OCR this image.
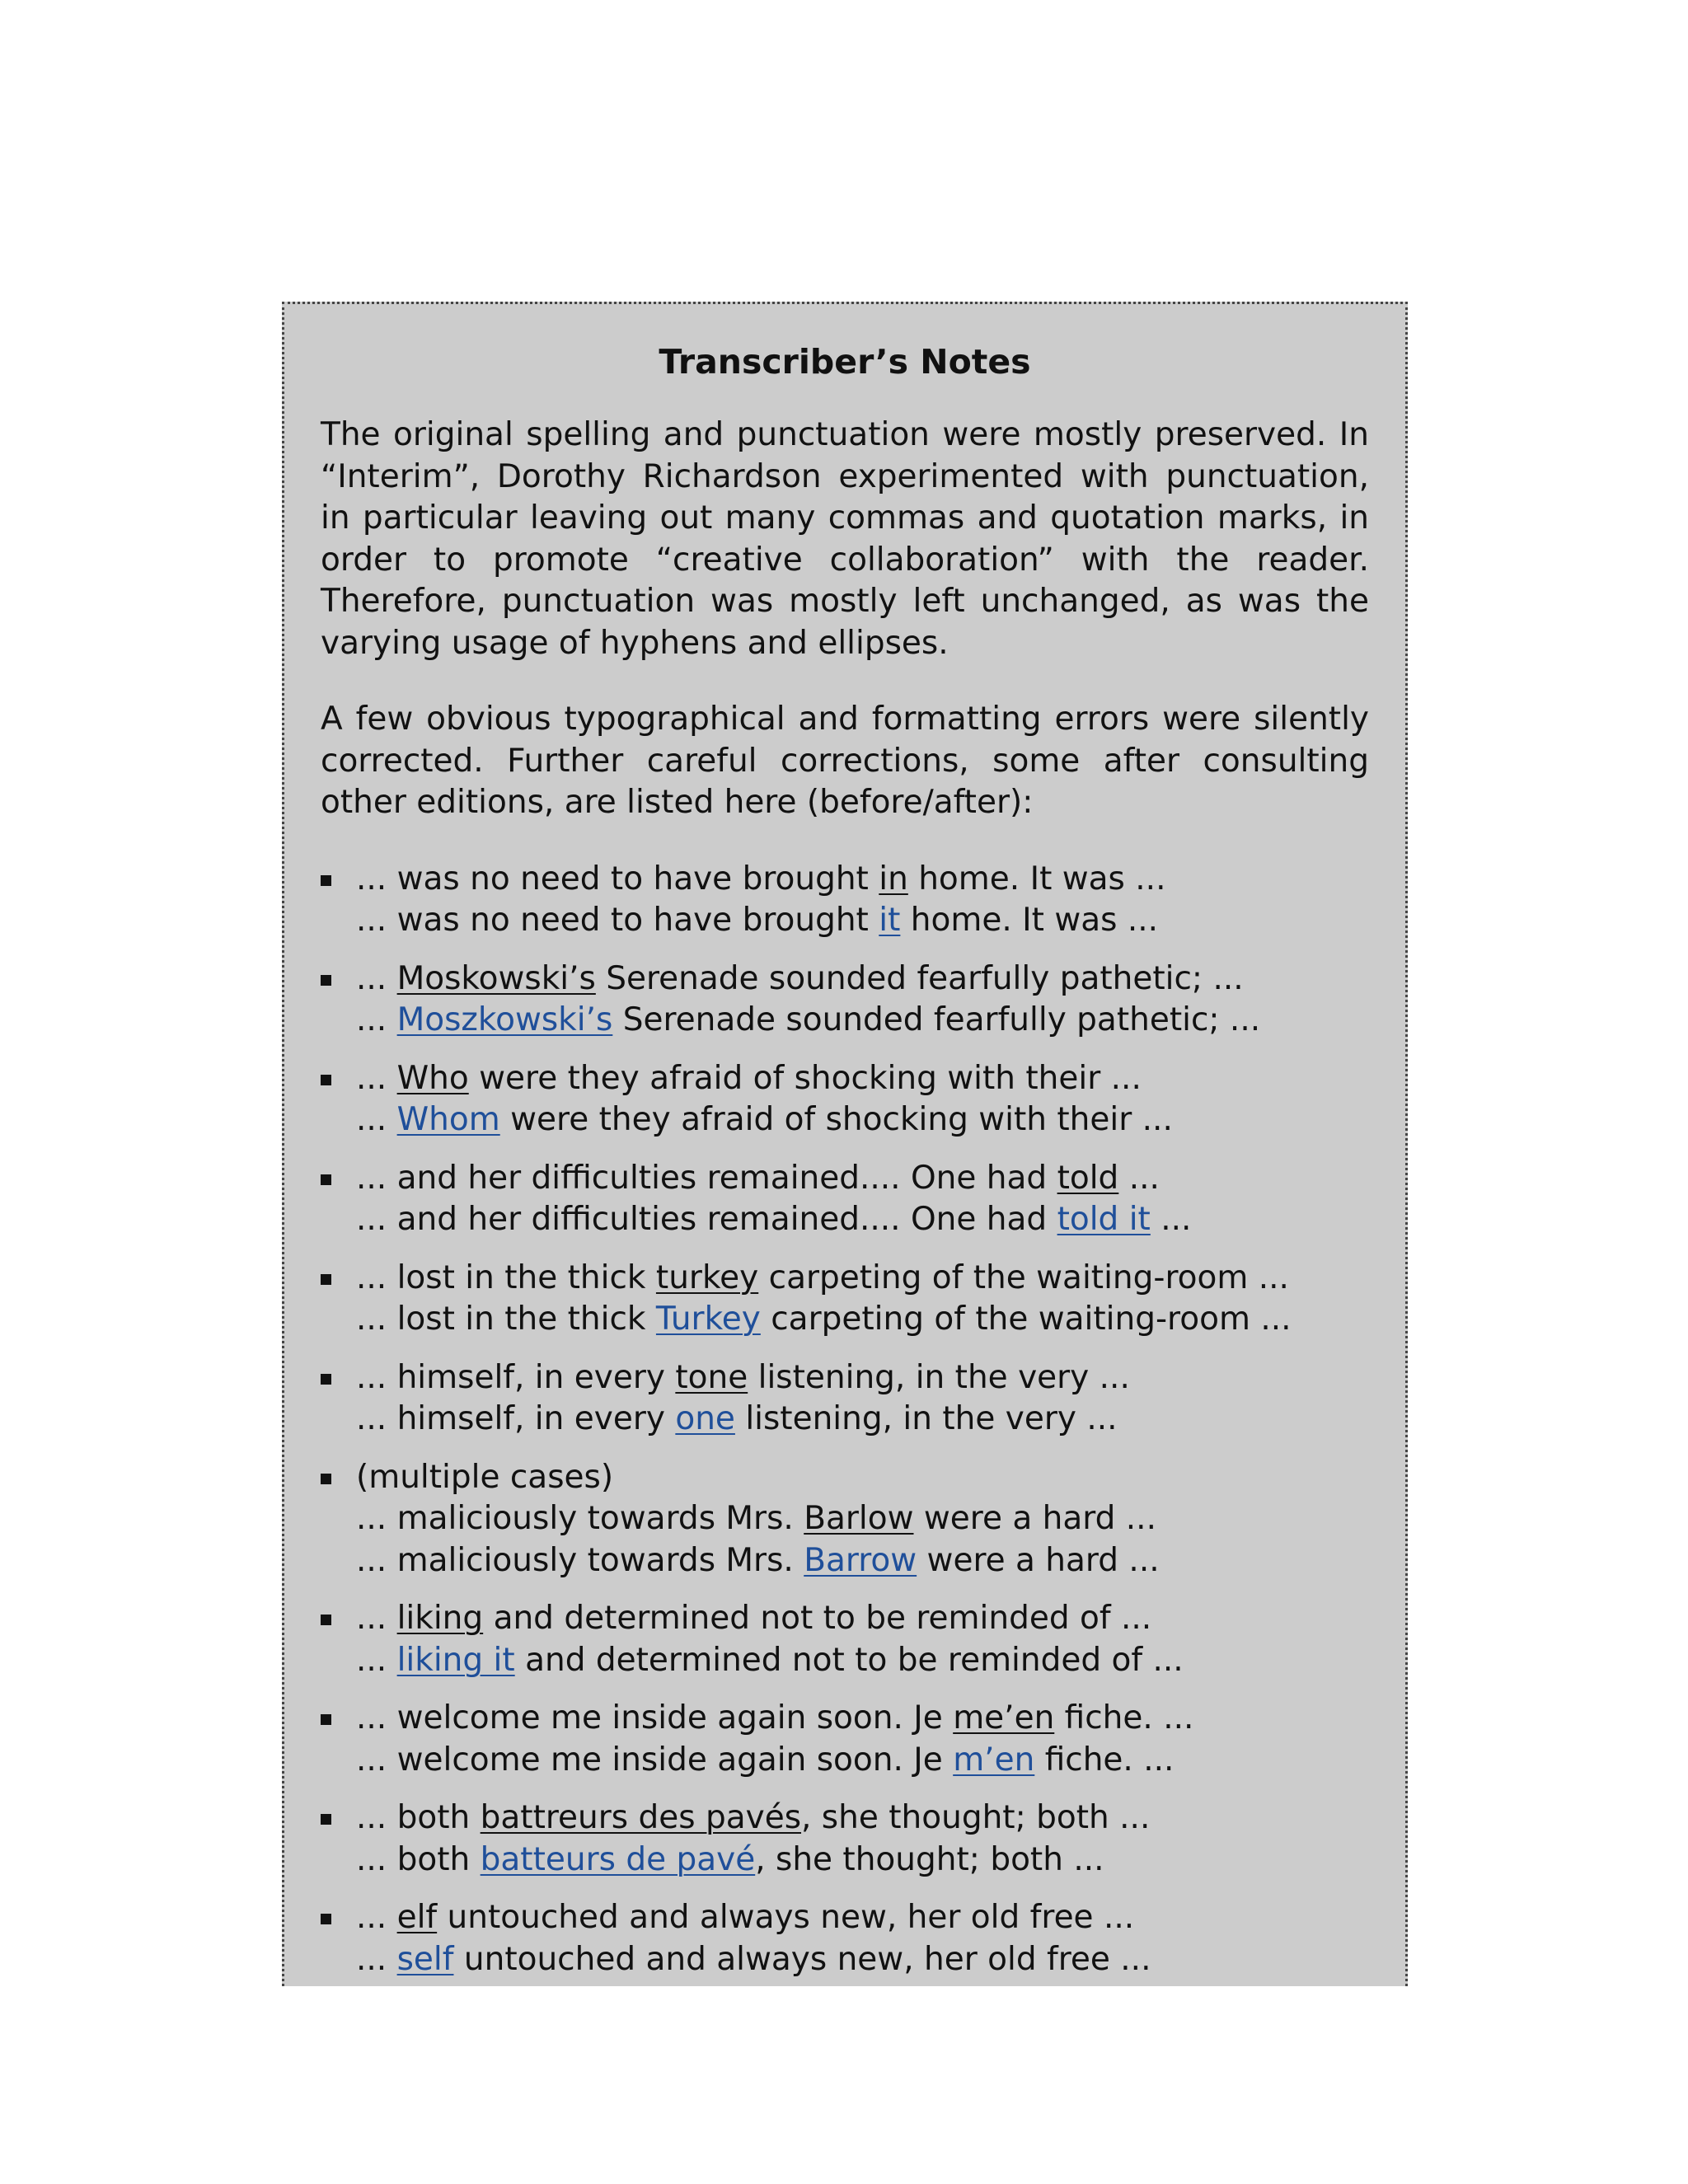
Transcriber’s Notes

The original spelling and punctuation were mostly preserved. In “Interim”, Dorothy Richardson experimented with punctuation, in particular leaving out many commas and quotation marks, in order to promote “creative collaboration” with the reader. Therefore, punctuation was mostly left unchanged, as was the varying usage of hyphens and ellipses.

A few obvious typographical and formatting errors were silently corrected. Further careful corrections, some after consulting other editions, are listed here (before/after):

... was no need to have brought in home. It was ...
... was no need to have brought it home. It was ...
... Moskowski’s Serenade sounded fearfully pathetic; ...
... Moszkowski’s Serenade sounded fearfully pathetic; ...
... Who were they afraid of shocking with their ...
... Whom were they afraid of shocking with their ...
... and her difficulties remained.... One had told ...
... and her difficulties remained.... One had told it ...
... lost in the thick turkey carpeting of the waiting-room ...
... lost in the thick Turkey carpeting of the waiting-room ...
... himself, in every tone listening, in the very ...
... himself, in every one listening, in the very ...
(multiple cases)
... maliciously towards Mrs. Barlow were a hard ...
... maliciously towards Mrs. Barrow were a hard ...
... liking and determined not to be reminded of ...
... liking it and determined not to be reminded of ...
... welcome me inside again soon. Je me’en fiche. ...
... welcome me inside again soon. Je m’en fiche. ...
... both battreurs des pavés, she thought; both ...
... both batteurs de pavé, she thought; both ...
... elf untouched and always new, her old free ...
... self untouched and always new, her old free ...
